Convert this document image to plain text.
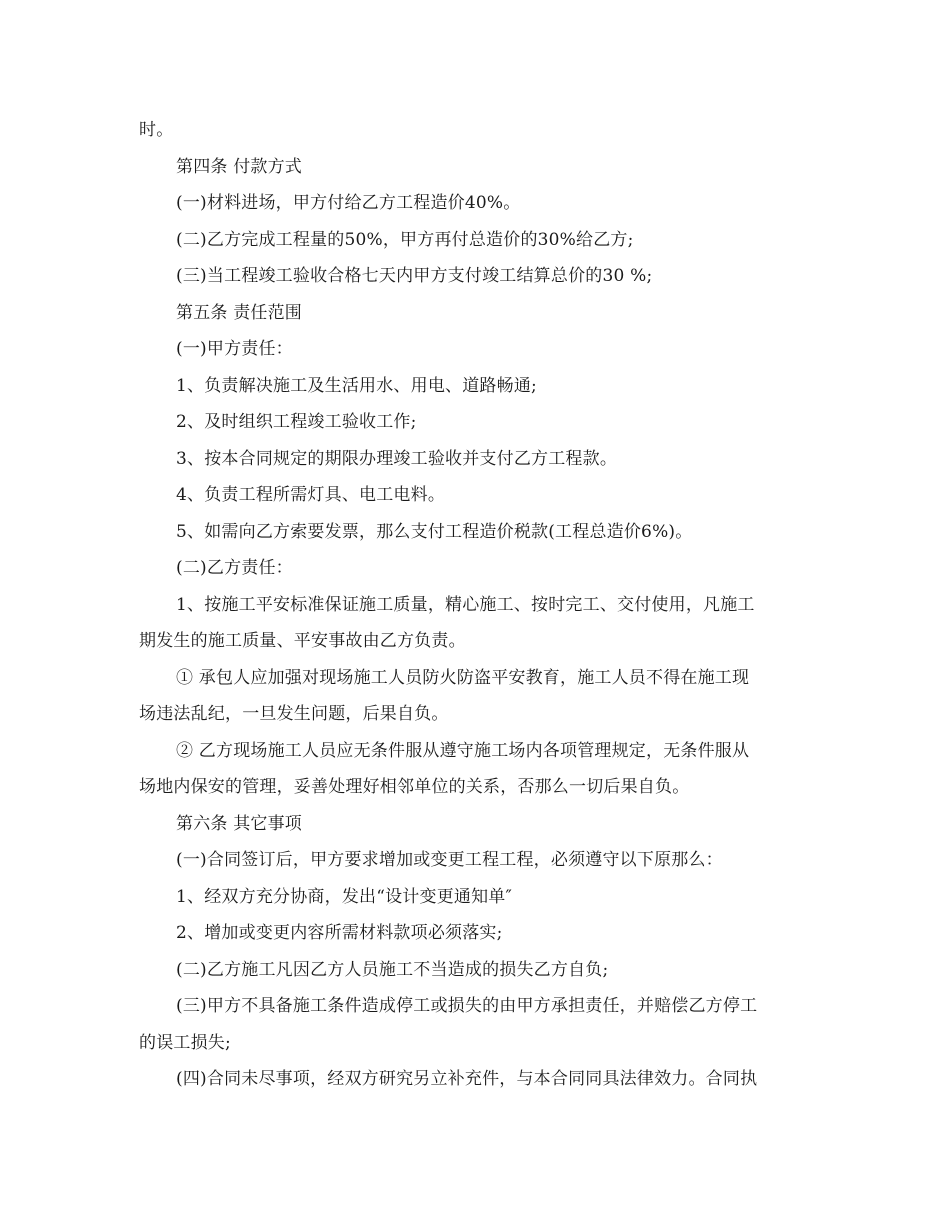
时。
第四条 付款方式
(一)材料进场，甲方付给乙方工程造价40%。
(二)乙方完成工程量的50%，甲方再付总造价的30%给乙方;
(三)当工程竣工验收合格七天内甲方支付竣工结算总价的30 %;
第五条 责任范围
(一)甲方责任：
1、负责解决施工及生活用水、用电、道路畅通;
2、及时组织工程竣工验收工作;
3、按本合同规定的期限办理竣工验收并支付乙方工程款。
4、负责工程所需灯具、电工电料。
5、如需向乙方索要发票，那么支付工程造价税款(工程总造价6%)。
(二)乙方责任：
1、按施工平安标准保证施工质量，精心施工、按时完工、交付使用，凡施工
期发生的施工质量、平安事故由乙方负责。
① 承包人应加强对现场施工人员防火防盗平安教育，施工人员不得在施工现
场违法乱纪，一旦发生问题，后果自负。
② 乙方现场施工人员应无条件服从遵守施工场内各项管理规定，无条件服从
场地内保安的管理，妥善处理好相邻单位的关系，否那么一切后果自负。
第六条 其它事项
(一)合同签订后，甲方要求增加或变更工程工程，必须遵守以下原那么：
1、经双方充分协商，发出“设计变更通知单″
2、增加或变更内容所需材料款项必须落实;
(二)乙方施工凡因乙方人员施工不当造成的损失乙方自负;
(三)甲方不具备施工条件造成停工或损失的由甲方承担责任，并赔偿乙方停工
的误工损失;
(四)合同未尽事项，经双方研究另立补充件，与本合同同具法律效力。合同执
